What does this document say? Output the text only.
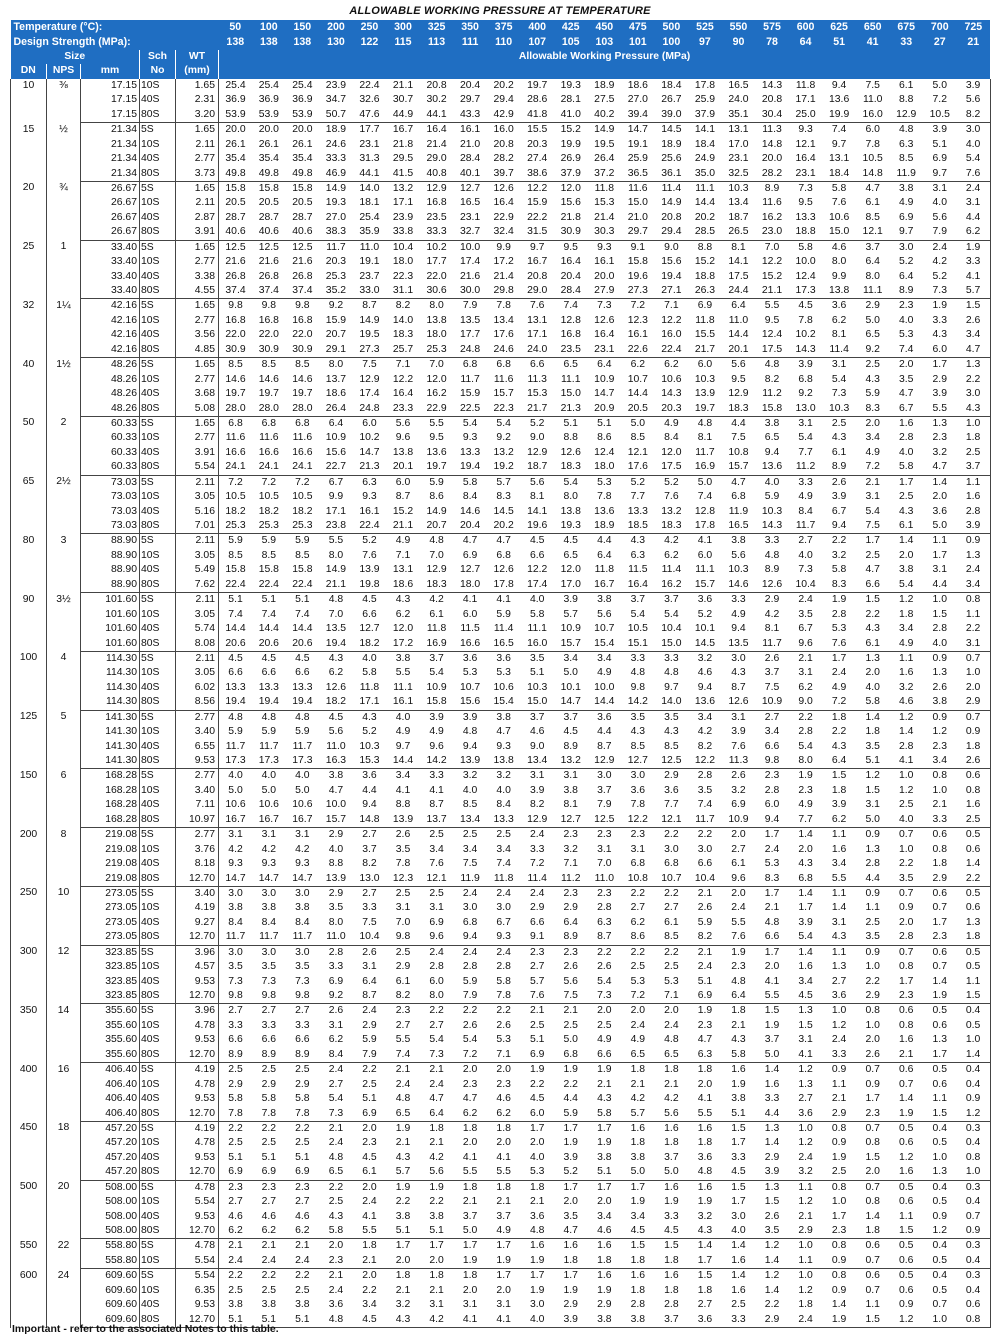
ALLOWABLE WORKING PRESSURE AT TEMPERATURE
Temperature (°C):					50	100	150	200	250	300	325	350	375	400	425	450	475	500	525	550	575	600	625	650	675	700	725
Design Strength (MPa):					138	138	138	130	122	115	113	111	110	107	105	103	101	100	97	90	78	64	51	41	33	27	21
Size			Sch	WT	Allowable Working Pressure (MPa)																						
DN	NPS	mm	No	(mm)																							
10	⅜	17.15	10S	1.65	25.4	25.4	25.4	23.9	22.4	21.1	20.8	20.4	20.2	19.7	19.3	18.9	18.6	18.4	17.8	16.5	14.3	11.8	9.4	7.5	6.1	5.0	3.9
		17.15	40S	2.31	36.9	36.9	36.9	34.7	32.6	30.7	30.2	29.7	29.4	28.6	28.1	27.5	27.0	26.7	25.9	24.0	20.8	17.1	13.6	11.0	8.8	7.2	5.6
		17.15	80S	3.20	53.9	53.9	53.9	50.7	47.6	44.9	44.1	43.3	42.9	41.8	41.0	40.2	39.4	39.0	37.9	35.1	30.4	25.0	19.9	16.0	12.9	10.5	8.2
15	½	21.34	5S	1.65	20.0	20.0	20.0	18.9	17.7	16.7	16.4	16.1	16.0	15.5	15.2	14.9	14.7	14.5	14.1	13.1	11.3	9.3	7.4	6.0	4.8	3.9	3.0
		21.34	10S	2.11	26.1	26.1	26.1	24.6	23.1	21.8	21.4	21.0	20.8	20.3	19.9	19.5	19.1	18.9	18.4	17.0	14.8	12.1	9.7	7.8	6.3	5.1	4.0
		21.34	40S	2.77	35.4	35.4	35.4	33.3	31.3	29.5	29.0	28.4	28.2	27.4	26.9	26.4	25.9	25.6	24.9	23.1	20.0	16.4	13.1	10.5	8.5	6.9	5.4
		21.34	80S	3.73	49.8	49.8	49.8	46.9	44.1	41.5	40.8	40.1	39.7	38.6	37.9	37.2	36.5	36.1	35.0	32.5	28.2	23.1	18.4	14.8	11.9	9.7	7.6
20	¾	26.67	5S	1.65	15.8	15.8	15.8	14.9	14.0	13.2	12.9	12.7	12.6	12.2	12.0	11.8	11.6	11.4	11.1	10.3	8.9	7.3	5.8	4.7	3.8	3.1	2.4
		26.67	10S	2.11	20.5	20.5	20.5	19.3	18.1	17.1	16.8	16.5	16.4	15.9	15.6	15.3	15.0	14.9	14.4	13.4	11.6	9.5	7.6	6.1	4.9	4.0	3.1
		26.67	40S	2.87	28.7	28.7	28.7	27.0	25.4	23.9	23.5	23.1	22.9	22.2	21.8	21.4	21.0	20.8	20.2	18.7	16.2	13.3	10.6	8.5	6.9	5.6	4.4
		26.67	80S	3.91	40.6	40.6	40.6	38.3	35.9	33.8	33.3	32.7	32.4	31.5	30.9	30.3	29.7	29.4	28.5	26.5	23.0	18.8	15.0	12.1	9.7	7.9	6.2
25	1	33.40	5S	1.65	12.5	12.5	12.5	11.7	11.0	10.4	10.2	10.0	9.9	9.7	9.5	9.3	9.1	9.0	8.8	8.1	7.0	5.8	4.6	3.7	3.0	2.4	1.9
		33.40	10S	2.77	21.6	21.6	21.6	20.3	19.1	18.0	17.7	17.4	17.2	16.7	16.4	16.1	15.8	15.6	15.2	14.1	12.2	10.0	8.0	6.4	5.2	4.2	3.3
		33.40	40S	3.38	26.8	26.8	26.8	25.3	23.7	22.3	22.0	21.6	21.4	20.8	20.4	20.0	19.6	19.4	18.8	17.5	15.2	12.4	9.9	8.0	6.4	5.2	4.1
		33.40	80S	4.55	37.4	37.4	37.4	35.2	33.0	31.1	30.6	30.0	29.8	29.0	28.4	27.9	27.3	27.1	26.3	24.4	21.1	17.3	13.8	11.1	8.9	7.3	5.7
32	1¼	42.16	5S	1.65	9.8	9.8	9.8	9.2	8.7	8.2	8.0	7.9	7.8	7.6	7.4	7.3	7.2	7.1	6.9	6.4	5.5	4.5	3.6	2.9	2.3	1.9	1.5
		42.16	10S	2.77	16.8	16.8	16.8	15.9	14.9	14.0	13.8	13.5	13.4	13.1	12.8	12.6	12.3	12.2	11.8	11.0	9.5	7.8	6.2	5.0	4.0	3.3	2.6
		42.16	40S	3.56	22.0	22.0	22.0	20.7	19.5	18.3	18.0	17.7	17.6	17.1	16.8	16.4	16.1	16.0	15.5	14.4	12.4	10.2	8.1	6.5	5.3	4.3	3.4
		42.16	80S	4.85	30.9	30.9	30.9	29.1	27.3	25.7	25.3	24.8	24.6	24.0	23.5	23.1	22.6	22.4	21.7	20.1	17.5	14.3	11.4	9.2	7.4	6.0	4.7
40	1½	48.26	5S	1.65	8.5	8.5	8.5	8.0	7.5	7.1	7.0	6.8	6.8	6.6	6.5	6.4	6.2	6.2	6.0	5.6	4.8	3.9	3.1	2.5	2.0	1.7	1.3
		48.26	10S	2.77	14.6	14.6	14.6	13.7	12.9	12.2	12.0	11.7	11.6	11.3	11.1	10.9	10.7	10.6	10.3	9.5	8.2	6.8	5.4	4.3	3.5	2.9	2.2
		48.26	40S	3.68	19.7	19.7	19.7	18.6	17.4	16.4	16.2	15.9	15.7	15.3	15.0	14.7	14.4	14.3	13.9	12.9	11.2	9.2	7.3	5.9	4.7	3.9	3.0
		48.26	80S	5.08	28.0	28.0	28.0	26.4	24.8	23.3	22.9	22.5	22.3	21.7	21.3	20.9	20.5	20.3	19.7	18.3	15.8	13.0	10.3	8.3	6.7	5.5	4.3
50	2	60.33	5S	1.65	6.8	6.8	6.8	6.4	6.0	5.6	5.5	5.4	5.4	5.2	5.1	5.1	5.0	4.9	4.8	4.4	3.8	3.1	2.5	2.0	1.6	1.3	1.0
		60.33	10S	2.77	11.6	11.6	11.6	10.9	10.2	9.6	9.5	9.3	9.2	9.0	8.8	8.6	8.5	8.4	8.1	7.5	6.5	5.4	4.3	3.4	2.8	2.3	1.8
		60.33	40S	3.91	16.6	16.6	16.6	15.6	14.7	13.8	13.6	13.3	13.2	12.9	12.6	12.4	12.1	12.0	11.7	10.8	9.4	7.7	6.1	4.9	4.0	3.2	2.5
		60.33	80S	5.54	24.1	24.1	24.1	22.7	21.3	20.1	19.7	19.4	19.2	18.7	18.3	18.0	17.6	17.5	16.9	15.7	13.6	11.2	8.9	7.2	5.8	4.7	3.7
65	2½	73.03	5S	2.11	7.2	7.2	7.2	6.7	6.3	6.0	5.9	5.8	5.7	5.6	5.4	5.3	5.2	5.2	5.0	4.7	4.0	3.3	2.6	2.1	1.7	1.4	1.1
		73.03	10S	3.05	10.5	10.5	10.5	9.9	9.3	8.7	8.6	8.4	8.3	8.1	8.0	7.8	7.7	7.6	7.4	6.8	5.9	4.9	3.9	3.1	2.5	2.0	1.6
		73.03	40S	5.16	18.2	18.2	18.2	17.1	16.1	15.2	14.9	14.6	14.5	14.1	13.8	13.6	13.3	13.2	12.8	11.9	10.3	8.4	6.7	5.4	4.3	3.6	2.8
		73.03	80S	7.01	25.3	25.3	25.3	23.8	22.4	21.1	20.7	20.4	20.2	19.6	19.3	18.9	18.5	18.3	17.8	16.5	14.3	11.7	9.4	7.5	6.1	5.0	3.9
80	3	88.90	5S	2.11	5.9	5.9	5.9	5.5	5.2	4.9	4.8	4.7	4.7	4.5	4.5	4.4	4.3	4.2	4.1	3.8	3.3	2.7	2.2	1.7	1.4	1.1	0.9
		88.90	10S	3.05	8.5	8.5	8.5	8.0	7.6	7.1	7.0	6.9	6.8	6.6	6.5	6.4	6.3	6.2	6.0	5.6	4.8	4.0	3.2	2.5	2.0	1.7	1.3
		88.90	40S	5.49	15.8	15.8	15.8	14.9	13.9	13.1	12.9	12.7	12.6	12.2	12.0	11.8	11.5	11.4	11.1	10.3	8.9	7.3	5.8	4.7	3.8	3.1	2.4
		88.90	80S	7.62	22.4	22.4	22.4	21.1	19.8	18.6	18.3	18.0	17.8	17.4	17.0	16.7	16.4	16.2	15.7	14.6	12.6	10.4	8.3	6.6	5.4	4.4	3.4
90	3½	101.60	5S	2.11	5.1	5.1	5.1	4.8	4.5	4.3	4.2	4.1	4.1	4.0	3.9	3.8	3.7	3.7	3.6	3.3	2.9	2.4	1.9	1.5	1.2	1.0	0.8
		101.60	10S	3.05	7.4	7.4	7.4	7.0	6.6	6.2	6.1	6.0	5.9	5.8	5.7	5.6	5.4	5.4	5.2	4.9	4.2	3.5	2.8	2.2	1.8	1.5	1.1
		101.60	40S	5.74	14.4	14.4	14.4	13.5	12.7	12.0	11.8	11.5	11.4	11.1	10.9	10.7	10.5	10.4	10.1	9.4	8.1	6.7	5.3	4.3	3.4	2.8	2.2
		101.60	80S	8.08	20.6	20.6	20.6	19.4	18.2	17.2	16.9	16.6	16.5	16.0	15.7	15.4	15.1	15.0	14.5	13.5	11.7	9.6	7.6	6.1	4.9	4.0	3.1
100	4	114.30	5S	2.11	4.5	4.5	4.5	4.3	4.0	3.8	3.7	3.6	3.6	3.5	3.4	3.4	3.3	3.3	3.2	3.0	2.6	2.1	1.7	1.3	1.1	0.9	0.7
		114.30	10S	3.05	6.6	6.6	6.6	6.2	5.8	5.5	5.4	5.3	5.3	5.1	5.0	4.9	4.8	4.8	4.6	4.3	3.7	3.1	2.4	2.0	1.6	1.3	1.0
		114.30	40S	6.02	13.3	13.3	13.3	12.6	11.8	11.1	10.9	10.7	10.6	10.3	10.1	10.0	9.8	9.7	9.4	8.7	7.5	6.2	4.9	4.0	3.2	2.6	2.0
		114.30	80S	8.56	19.4	19.4	19.4	18.2	17.1	16.1	15.8	15.6	15.4	15.0	14.7	14.4	14.2	14.0	13.6	12.6	10.9	9.0	7.2	5.8	4.6	3.8	2.9
125	5	141.30	5S	2.77	4.8	4.8	4.8	4.5	4.3	4.0	3.9	3.9	3.8	3.7	3.7	3.6	3.5	3.5	3.4	3.1	2.7	2.2	1.8	1.4	1.2	0.9	0.7
		141.30	10S	3.40	5.9	5.9	5.9	5.6	5.2	4.9	4.9	4.8	4.7	4.6	4.5	4.4	4.3	4.3	4.2	3.9	3.4	2.8	2.2	1.8	1.4	1.2	0.9
		141.30	40S	6.55	11.7	11.7	11.7	11.0	10.3	9.7	9.6	9.4	9.3	9.0	8.9	8.7	8.5	8.5	8.2	7.6	6.6	5.4	4.3	3.5	2.8	2.3	1.8
		141.30	80S	9.53	17.3	17.3	17.3	16.3	15.3	14.4	14.2	13.9	13.8	13.4	13.2	12.9	12.7	12.5	12.2	11.3	9.8	8.0	6.4	5.1	4.1	3.4	2.6
150	6	168.28	5S	2.77	4.0	4.0	4.0	3.8	3.6	3.4	3.3	3.2	3.2	3.1	3.1	3.0	3.0	2.9	2.8	2.6	2.3	1.9	1.5	1.2	1.0	0.8	0.6
		168.28	10S	3.40	5.0	5.0	5.0	4.7	4.4	4.1	4.1	4.0	4.0	3.9	3.8	3.7	3.6	3.6	3.5	3.2	2.8	2.3	1.8	1.5	1.2	1.0	0.8
		168.28	40S	7.11	10.6	10.6	10.6	10.0	9.4	8.8	8.7	8.5	8.4	8.2	8.1	7.9	7.8	7.7	7.4	6.9	6.0	4.9	3.9	3.1	2.5	2.1	1.6
		168.28	80S	10.97	16.7	16.7	16.7	15.7	14.8	13.9	13.7	13.4	13.3	12.9	12.7	12.5	12.2	12.1	11.7	10.9	9.4	7.7	6.2	5.0	4.0	3.3	2.5
200	8	219.08	5S	2.77	3.1	3.1	3.1	2.9	2.7	2.6	2.5	2.5	2.5	2.4	2.3	2.3	2.3	2.2	2.2	2.0	1.7	1.4	1.1	0.9	0.7	0.6	0.5
		219.08	10S	3.76	4.2	4.2	4.2	4.0	3.7	3.5	3.4	3.4	3.4	3.3	3.2	3.1	3.1	3.0	3.0	2.7	2.4	2.0	1.6	1.3	1.0	0.8	0.6
		219.08	40S	8.18	9.3	9.3	9.3	8.8	8.2	7.8	7.6	7.5	7.4	7.2	7.1	7.0	6.8	6.8	6.6	6.1	5.3	4.3	3.4	2.8	2.2	1.8	1.4
		219.08	80S	12.70	14.7	14.7	14.7	13.9	13.0	12.3	12.1	11.9	11.8	11.4	11.2	11.0	10.8	10.7	10.4	9.6	8.3	6.8	5.5	4.4	3.5	2.9	2.2
250	10	273.05	5S	3.40	3.0	3.0	3.0	2.9	2.7	2.5	2.5	2.4	2.4	2.4	2.3	2.3	2.2	2.2	2.1	2.0	1.7	1.4	1.1	0.9	0.7	0.6	0.5
		273.05	10S	4.19	3.8	3.8	3.8	3.5	3.3	3.1	3.1	3.0	3.0	2.9	2.9	2.8	2.7	2.7	2.6	2.4	2.1	1.7	1.4	1.1	0.9	0.7	0.6
		273.05	40S	9.27	8.4	8.4	8.4	8.0	7.5	7.0	6.9	6.8	6.7	6.6	6.4	6.3	6.2	6.1	5.9	5.5	4.8	3.9	3.1	2.5	2.0	1.7	1.3
		273.05	80S	12.70	11.7	11.7	11.7	11.0	10.4	9.8	9.6	9.4	9.3	9.1	8.9	8.7	8.6	8.5	8.2	7.6	6.6	5.4	4.3	3.5	2.8	2.3	1.8
300	12	323.85	5S	3.96	3.0	3.0	3.0	2.8	2.6	2.5	2.4	2.4	2.4	2.3	2.3	2.2	2.2	2.2	2.1	1.9	1.7	1.4	1.1	0.9	0.7	0.6	0.5
		323.85	10S	4.57	3.5	3.5	3.5	3.3	3.1	2.9	2.8	2.8	2.8	2.7	2.6	2.6	2.5	2.5	2.4	2.3	2.0	1.6	1.3	1.0	0.8	0.7	0.5
		323.85	40S	9.53	7.3	7.3	7.3	6.9	6.4	6.1	6.0	5.9	5.8	5.7	5.6	5.4	5.3	5.3	5.1	4.8	4.1	3.4	2.7	2.2	1.7	1.4	1.1
		323.85	80S	12.70	9.8	9.8	9.8	9.2	8.7	8.2	8.0	7.9	7.8	7.6	7.5	7.3	7.2	7.1	6.9	6.4	5.5	4.5	3.6	2.9	2.3	1.9	1.5
350	14	355.60	5S	3.96	2.7	2.7	2.7	2.6	2.4	2.3	2.2	2.2	2.2	2.1	2.1	2.0	2.0	2.0	1.9	1.8	1.5	1.3	1.0	0.8	0.6	0.5	0.4
		355.60	10S	4.78	3.3	3.3	3.3	3.1	2.9	2.7	2.7	2.6	2.6	2.5	2.5	2.5	2.4	2.4	2.3	2.1	1.9	1.5	1.2	1.0	0.8	0.6	0.5
		355.60	40S	9.53	6.6	6.6	6.6	6.2	5.9	5.5	5.4	5.4	5.3	5.1	5.0	4.9	4.9	4.8	4.7	4.3	3.7	3.1	2.4	2.0	1.6	1.3	1.0
		355.60	80S	12.70	8.9	8.9	8.9	8.4	7.9	7.4	7.3	7.2	7.1	6.9	6.8	6.6	6.5	6.5	6.3	5.8	5.0	4.1	3.3	2.6	2.1	1.7	1.4
400	16	406.40	5S	4.19	2.5	2.5	2.5	2.4	2.2	2.1	2.1	2.0	2.0	1.9	1.9	1.9	1.8	1.8	1.8	1.6	1.4	1.2	0.9	0.7	0.6	0.5	0.4
		406.40	10S	4.78	2.9	2.9	2.9	2.7	2.5	2.4	2.4	2.3	2.3	2.2	2.2	2.1	2.1	2.1	2.0	1.9	1.6	1.3	1.1	0.9	0.7	0.6	0.4
		406.40	40S	9.53	5.8	5.8	5.8	5.4	5.1	4.8	4.7	4.7	4.6	4.5	4.4	4.3	4.2	4.2	4.1	3.8	3.3	2.7	2.1	1.7	1.4	1.1	0.9
		406.40	80S	12.70	7.8	7.8	7.8	7.3	6.9	6.5	6.4	6.2	6.2	6.0	5.9	5.8	5.7	5.6	5.5	5.1	4.4	3.6	2.9	2.3	1.9	1.5	1.2
450	18	457.20	5S	4.19	2.2	2.2	2.2	2.1	2.0	1.9	1.8	1.8	1.8	1.7	1.7	1.7	1.6	1.6	1.6	1.5	1.3	1.0	0.8	0.7	0.5	0.4	0.3
		457.20	10S	4.78	2.5	2.5	2.5	2.4	2.3	2.1	2.1	2.0	2.0	2.0	1.9	1.9	1.8	1.8	1.8	1.7	1.4	1.2	0.9	0.8	0.6	0.5	0.4
		457.20	40S	9.53	5.1	5.1	5.1	4.8	4.5	4.3	4.2	4.1	4.1	4.0	3.9	3.8	3.8	3.7	3.6	3.3	2.9	2.4	1.9	1.5	1.2	1.0	0.8
		457.20	80S	12.70	6.9	6.9	6.9	6.5	6.1	5.7	5.6	5.5	5.5	5.3	5.2	5.1	5.0	5.0	4.8	4.5	3.9	3.2	2.5	2.0	1.6	1.3	1.0
500	20	508.00	5S	4.78	2.3	2.3	2.3	2.2	2.0	1.9	1.9	1.8	1.8	1.8	1.7	1.7	1.7	1.6	1.6	1.5	1.3	1.1	0.8	0.7	0.5	0.4	0.3
		508.00	10S	5.54	2.7	2.7	2.7	2.5	2.4	2.2	2.2	2.1	2.1	2.1	2.0	2.0	1.9	1.9	1.9	1.7	1.5	1.2	1.0	0.8	0.6	0.5	0.4
		508.00	40S	9.53	4.6	4.6	4.6	4.3	4.1	3.8	3.8	3.7	3.7	3.6	3.5	3.4	3.4	3.3	3.2	3.0	2.6	2.1	1.7	1.4	1.1	0.9	0.7
		508.00	80S	12.70	6.2	6.2	6.2	5.8	5.5	5.1	5.1	5.0	4.9	4.8	4.7	4.6	4.5	4.5	4.3	4.0	3.5	2.9	2.3	1.8	1.5	1.2	0.9
550	22	558.80	5S	4.78	2.1	2.1	2.1	2.0	1.8	1.7	1.7	1.7	1.7	1.6	1.6	1.6	1.5	1.5	1.4	1.4	1.2	1.0	0.8	0.6	0.5	0.4	0.3
		558.80	10S	5.54	2.4	2.4	2.4	2.3	2.1	2.0	2.0	1.9	1.9	1.9	1.8	1.8	1.8	1.8	1.7	1.6	1.4	1.1	0.9	0.7	0.6	0.5	0.4
600	24	609.60	5S	5.54	2.2	2.2	2.2	2.1	2.0	1.8	1.8	1.8	1.7	1.7	1.7	1.6	1.6	1.6	1.5	1.4	1.2	1.0	0.8	0.6	0.5	0.4	0.3
		609.60	10S	6.35	2.5	2.5	2.5	2.4	2.2	2.1	2.1	2.0	2.0	1.9	1.9	1.9	1.8	1.8	1.8	1.6	1.4	1.2	0.9	0.7	0.6	0.5	0.4
		609.60	40S	9.53	3.8	3.8	3.8	3.6	3.4	3.2	3.1	3.1	3.1	3.0	2.9	2.9	2.8	2.8	2.7	2.5	2.2	1.8	1.4	1.1	0.9	0.7	0.6
		609.60	80S	12.70	5.1	5.1	5.1	4.8	4.5	4.3	4.2	4.1	4.1	4.0	3.9	3.8	3.8	3.7	3.6	3.3	2.9	2.4	1.9	1.5	1.2	1.0	0.8
Important - refer to the associated Notes to this table.
